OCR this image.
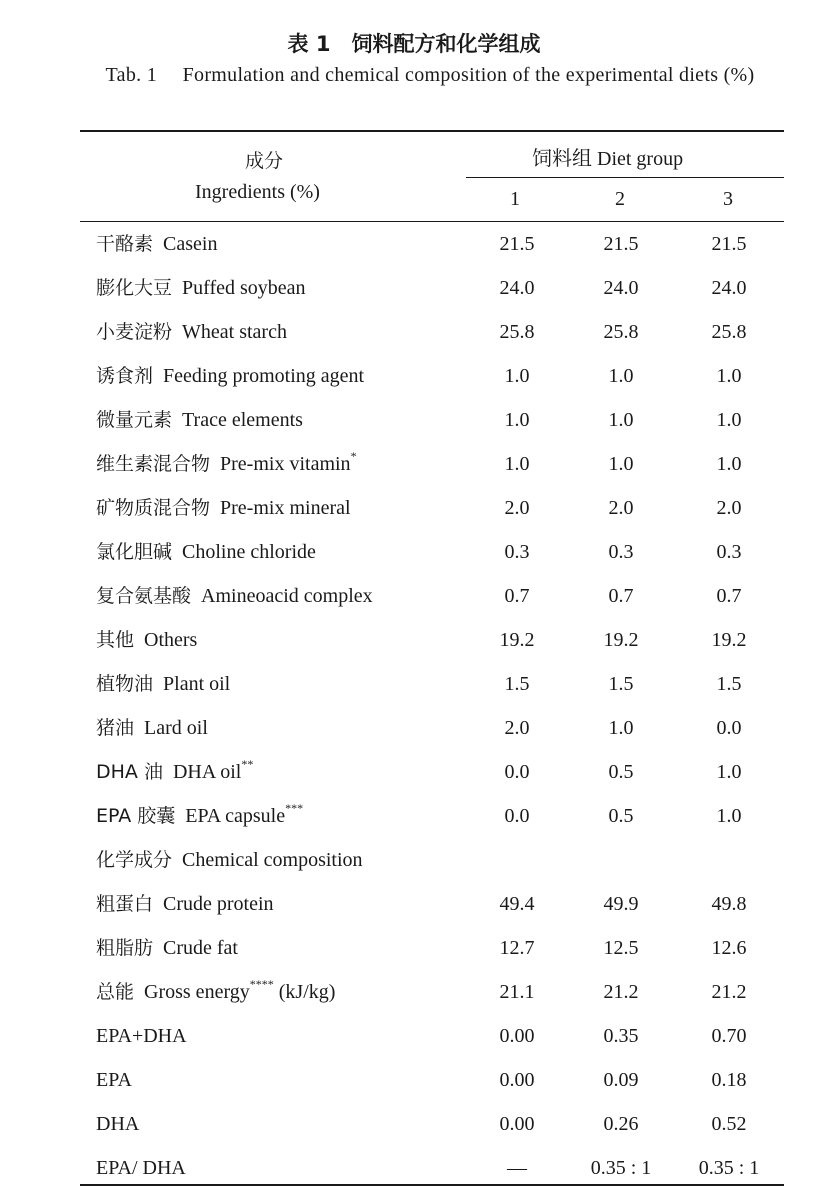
表 1　饲料配方和化学组成
Tab. 1　 Formulation and chemical composition of the experimental diets (%)
成分
Ingredients (%)
饲料组 Diet group
1	2	3
干酪素 Casein	21.5	21.5	21.5
膨化大豆 Puffed soybean	24.0	24.0	24.0
小麦淀粉 Wheat starch	25.8	25.8	25.8
诱食剂 Feeding promoting agent	1.0	1.0	1.0
微量元素 Trace elements	1.0	1.0	1.0
维生素混合物 Pre-mix vitamin*	1.0	1.0	1.0
矿物质混合物 Pre-mix mineral	2.0	2.0	2.0
氯化胆碱 Choline chloride	0.3	0.3	0.3
复合氨基酸 Amineoacid complex	0.7	0.7	0.7
其他 Others	19.2	19.2	19.2
植物油 Plant oil	1.5	1.5	1.5
猪油 Lard oil	2.0	1.0	0.0
DHA 油 DHA oil**	0.0	0.5	1.0
EPA 胶囊 EPA capsule***	0.0	0.5	1.0
化学成分 Chemical composition
粗蛋白 Crude protein	49.4	49.9	49.8
粗脂肪 Crude fat	12.7	12.5	12.6
总能 Gross energy**** (kJ/kg)	21.1	21.2	21.2
EPA+DHA	0.00	0.35	0.70
EPA	0.00	0.09	0.18
DHA	0.00	0.26	0.52
EPA/ DHA	—	0.35 : 1	0.35 : 1
